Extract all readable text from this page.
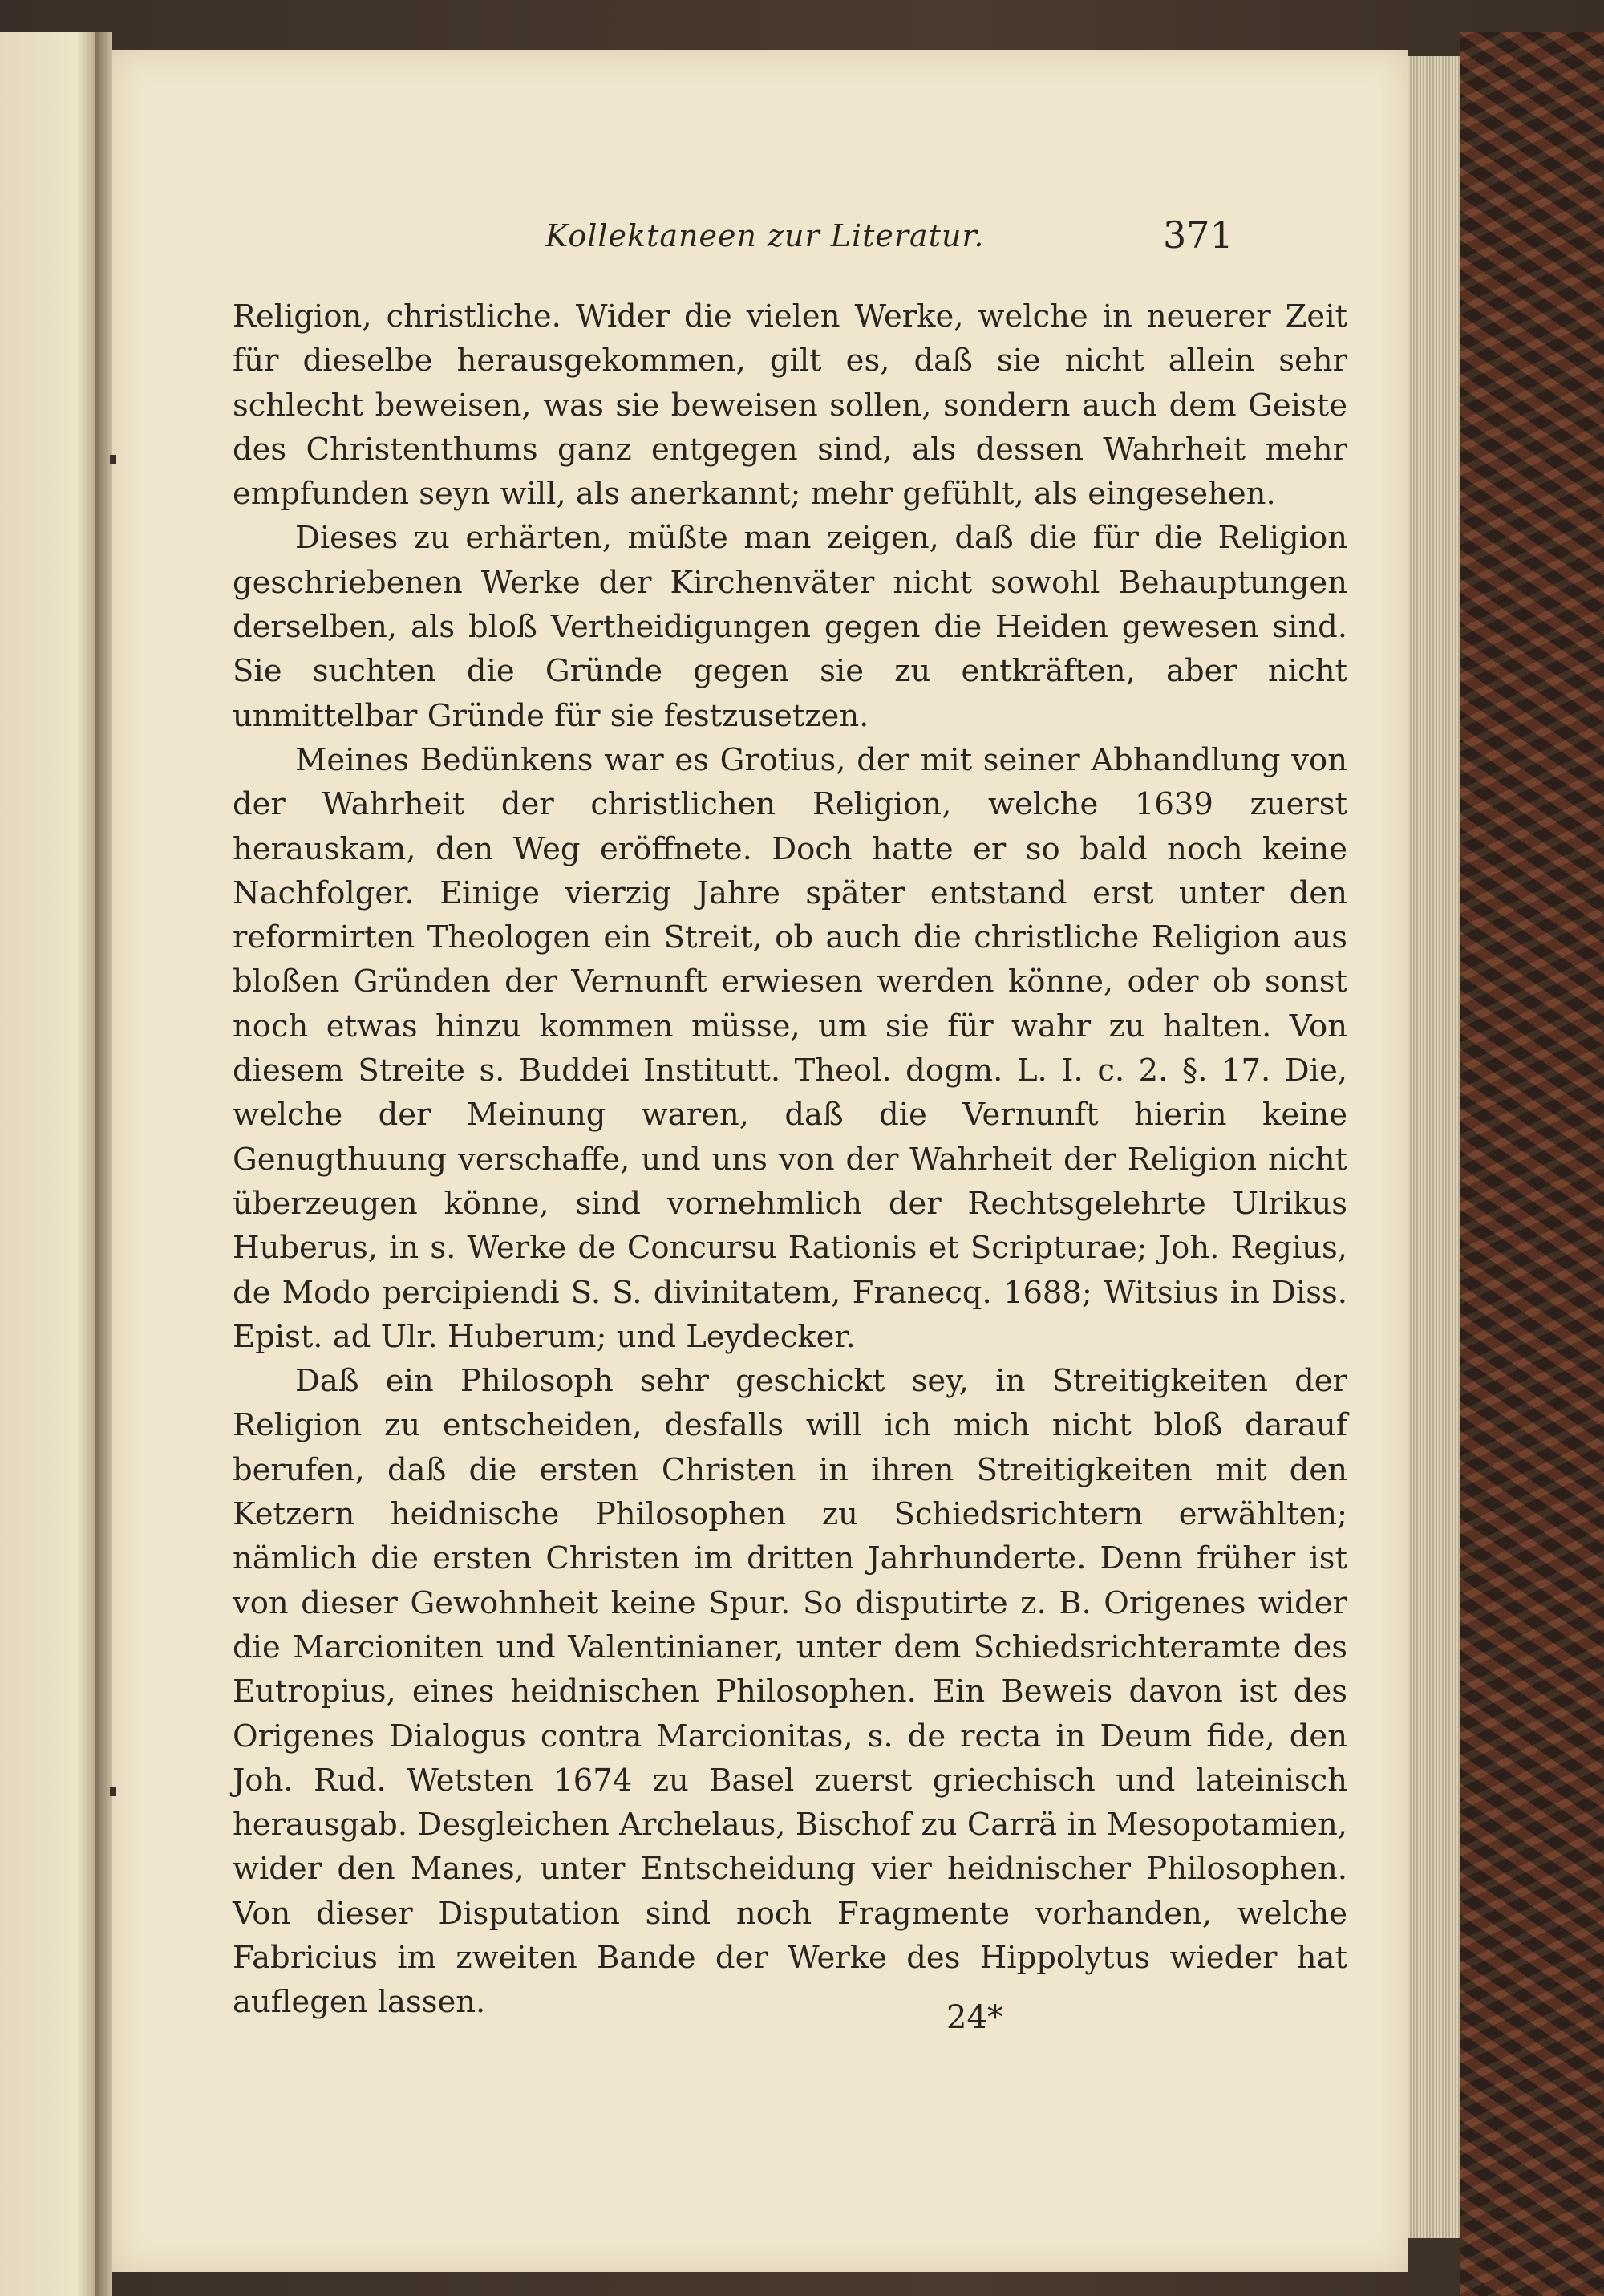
Kollektaneen zur Literatur.	371

Religion, christliche. Wider die vielen Werke, welche in neuerer Zeit für dieselbe herausgekommen, gilt es, daß sie nicht allein sehr schlecht beweisen, was sie beweisen sollen, sondern auch dem Geiste des Christenthums ganz entgegen sind, als dessen Wahrheit mehr empfunden seyn will, als anerkannt; mehr gefühlt, als eingesehen.

Dieses zu erhärten, müßte man zeigen, daß die für die Religion geschriebenen Werke der Kirchenväter nicht sowohl Behauptungen derselben, als bloß Vertheidigungen gegen die Heiden gewesen sind. Sie suchten die Gründe gegen sie zu entkräften, aber nicht unmittelbar Gründe für sie festzusetzen.

Meines Bedünkens war es Grotius, der mit seiner Abhandlung von der Wahrheit der christlichen Religion, welche 1639 zuerst herauskam, den Weg eröffnete. Doch hatte er so bald noch keine Nachfolger. Einige vierzig Jahre später entstand erst unter den reformirten Theologen ein Streit, ob auch die christliche Religion aus bloßen Gründen der Vernunft erwiesen werden könne, oder ob sonst noch etwas hinzu kommen müsse, um sie für wahr zu halten. Von diesem Streite s. Buddei Institutt. Theol. dogm. L. I. c. 2. §. 17. Die, welche der Meinung waren, daß die Vernunft hierin keine Genugthuung verschaffe, und uns von der Wahrheit der Religion nicht überzeugen könne, sind vornehmlich der Rechtsgelehrte Ulrikus Huberus, in s. Werke de Concursu Rationis et Scripturae; Joh. Regius, de Modo percipiendi S. S. divinitatem, Franecq. 1688; Witsius in Diss. Epist. ad Ulr. Huberum; und Leydecker.

Daß ein Philosoph sehr geschickt sey, in Streitigkeiten der Religion zu entscheiden, desfalls will ich mich nicht bloß darauf berufen, daß die ersten Christen in ihren Streitigkeiten mit den Ketzern heidnische Philosophen zu Schiedsrichtern erwählten; nämlich die ersten Christen im dritten Jahrhunderte. Denn früher ist von dieser Gewohnheit keine Spur. So disputirte z. B. Origenes wider die Marcioniten und Valentinianer, unter dem Schiedsrichteramte des Eutropius, eines heidnischen Philosophen. Ein Beweis davon ist des Origenes Dialogus contra Marcionitas, s. de recta in Deum fide, den Joh. Rud. Wetsten 1674 zu Basel zuerst griechisch und lateinisch herausgab. Desgleichen Archelaus, Bischof zu Carrä in Mesopotamien, wider den Manes, unter Entscheidung vier heidnischer Philosophen. Von dieser Disputation sind noch Fragmente vorhanden, welche Fabricius im zweiten Bande der Werke des Hippolytus wieder hat auflegen lassen.	24*
